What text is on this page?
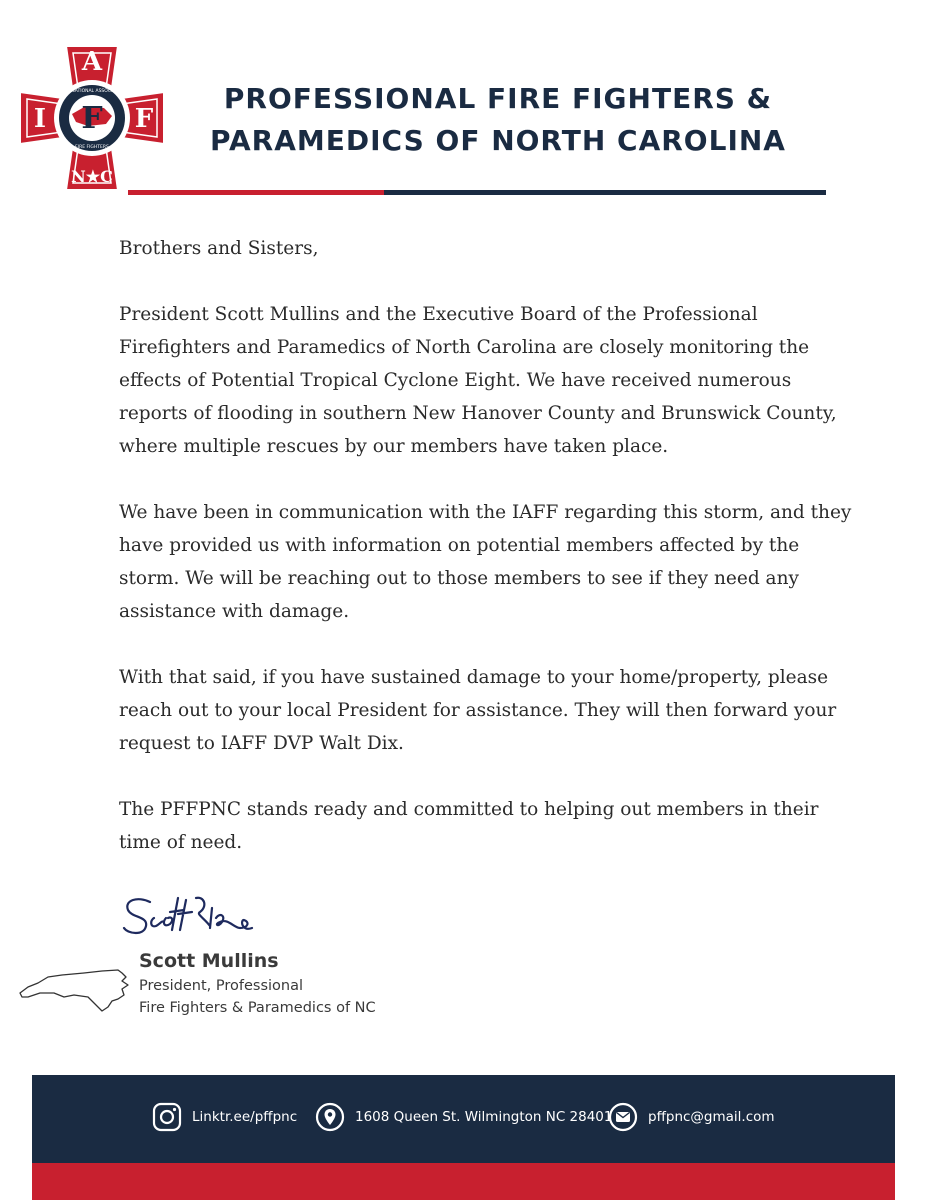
A
I	F
F
N★C
INTERNATIONAL ASSOCIATION
FIRE FIGHTERS
PROFESSIONAL FIRE FIGHTERS &
PARAMEDICS OF NORTH CAROLINA

Brothers and Sisters,

President Scott Mullins and the Executive Board of the Professional Firefighters and Paramedics of North Carolina are closely monitoring the effects of Potential Tropical Cyclone Eight. We have received numerous reports of flooding in southern New Hanover County and Brunswick County, where multiple rescues by our members have taken place.

We have been in communication with the IAFF regarding this storm, and they have provided us with information on potential members affected by the storm. We will be reaching out to those members to see if they need any assistance with damage.

With that said, if you have sustained damage to your home/property, please reach out to your local President for assistance. They will then forward your request to IAFF DVP Walt Dix.

The PFFPNC stands ready and committed to helping out members in their time of need.

Scott Mullins
President, Professional
Fire Fighters & Paramedics of NC
Linktr.ee/pffpnc	1608 Queen St. Wilmington NC 28401	pffpnc@gmail.com
